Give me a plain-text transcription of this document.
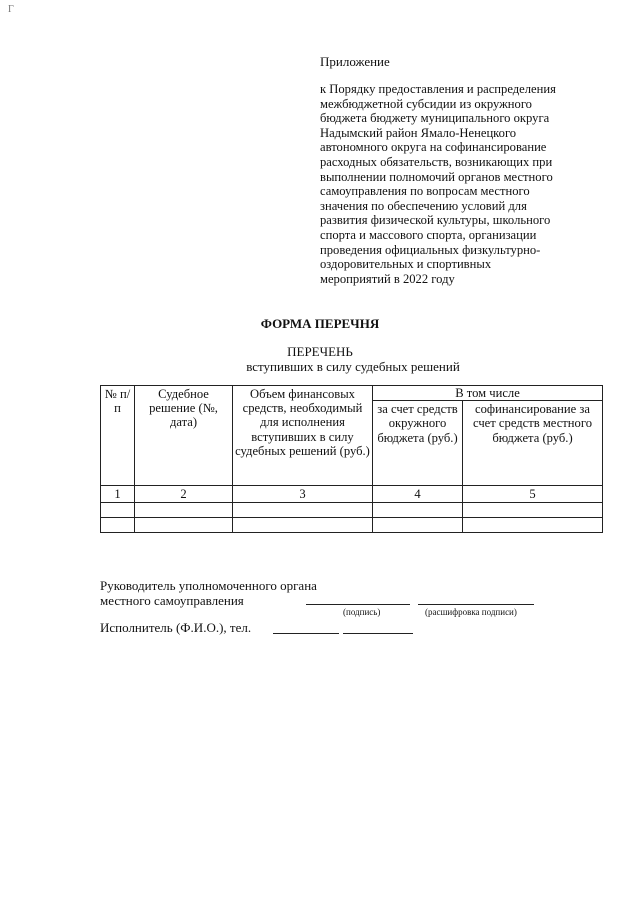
Г
Приложение
к Порядку предоставления и распределения
межбюджетной субсидии из окружного
бюджета бюджету муниципального округа
Надымский район Ямало-Ненецкого
автономного округа на софинансирование
расходных обязательств, возникающих при
выполнении полномочий органов местного
самоуправления по вопросам местного
значения по обеспечению условий для
развития физической культуры, школьного
спорта и массового спорта, организации
проведения официальных физкультурно-
оздоровительных и спортивных
мероприятий в 2022 году
ФОРМА ПЕРЕЧНЯ
ПЕРЕЧЕНЬ
вступивших в силу судебных решений
№ п/п	Судебное решение (№, дата)	Объем финансовых средств, необходимый для исполнения вступивших в силу судебных решений (руб.)	В том числе	
			за счет средств окружного бюджета (руб.)	софинансирование за счет средств местного бюджета (руб.)
1	2	3	4	5

Руководитель уполномоченного органа
местного самоуправления
(подпись)	(расшифровка подписи)
Исполнитель (Ф.И.О.), тел.
